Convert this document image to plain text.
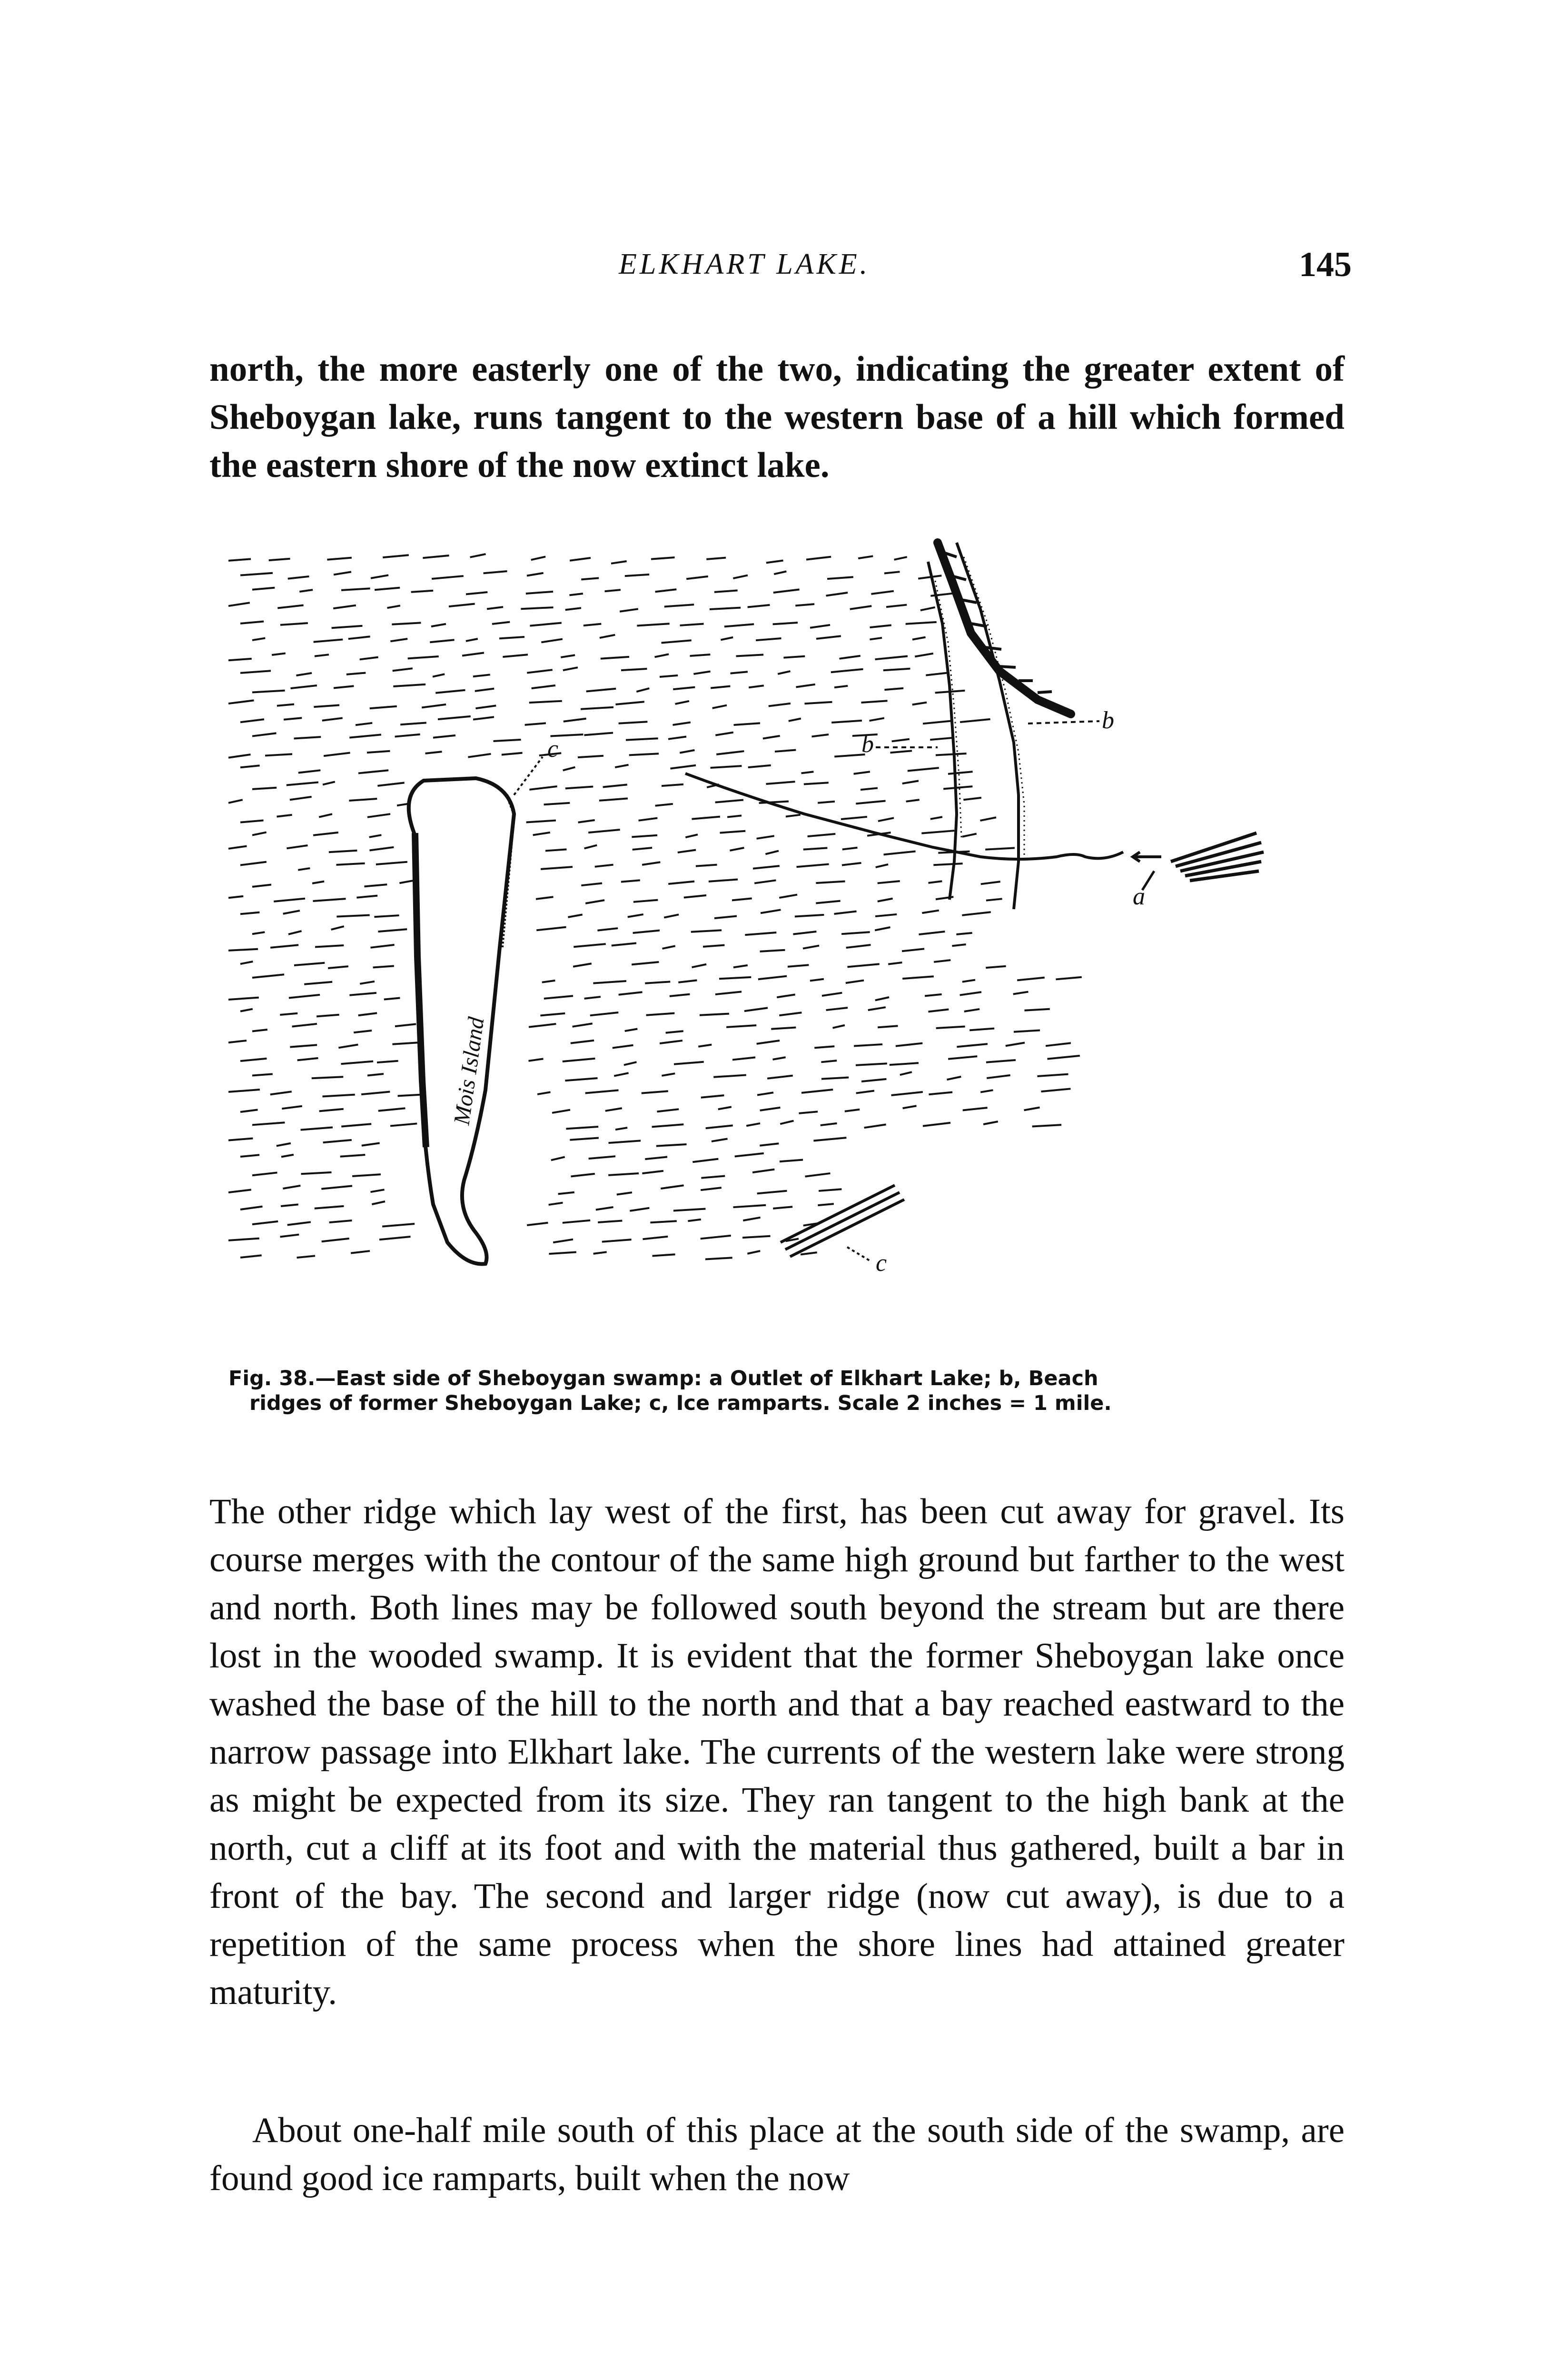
ELKHART LAKE.	145
north, the more easterly one of the two, indicating the greater extent of Sheboygan lake, runs tangent to the western base of a hill which formed the eastern shore of the now extinct lake.
Mois Island
a
b
b
c
c
Fig. 38.—East side of Sheboygan swamp: a Outlet of Elkhart Lake; b, Beach
ridges of former Sheboygan Lake; c, Ice ramparts. Scale 2 inches = 1 mile.
The other ridge which lay west of the first, has been cut away for gravel. Its course merges with the contour of the same high ground but farther to the west and north. Both lines may be followed south beyond the stream but are there lost in the wooded swamp. It is evident that the former Sheboygan lake once washed the base of the hill to the north and that a bay reached eastward to the narrow passage into Elkhart lake. The currents of the western lake were strong as might be expected from its size. They ran tangent to the high bank at the north, cut a cliff at its foot and with the material thus gathered, built a bar in front of the bay. The second and larger ridge (now cut away), is due to a repetition of the same process when the shore lines had attained greater maturity.
About one-half mile south of this place at the south side of the swamp, are found good ice ramparts, built when the now
